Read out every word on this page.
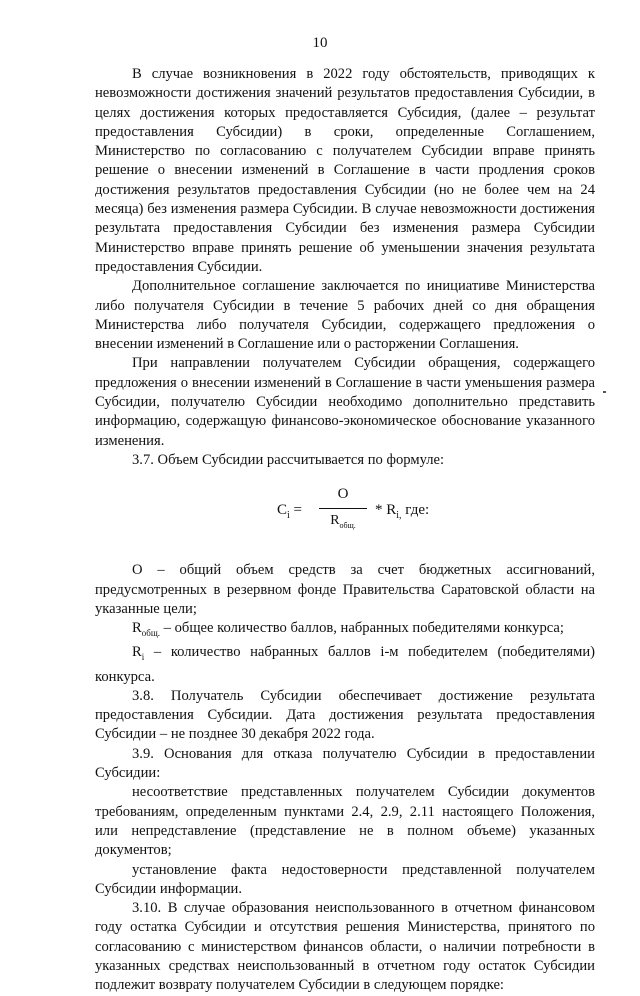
10

В случае возникновения в 2022 году обстоятельств, приводящих к невозможности достижения значений результатов предоставления Субсидии, в целях достижения которых предоставляется Субсидия, (далее – результат предоставления Субсидии) в сроки, определенные Соглашением, Министерство по согласованию с получателем Субсидии вправе принять решение о внесении изменений в Соглашение в части продления сроков достижения результатов предоставления Субсидии (но не более чем на 24 месяца) без изменения размера Субсидии. В случае невозможности достижения результата предоставления Субсидии без изменения размера Субсидии Министерство вправе принять решение об уменьшении значения результата предоставления Субсидии.

Дополнительное соглашение заключается по инициативе Министерства либо получателя Субсидии в течение 5 рабочих дней со дня обращения Министерства либо получателя Субсидии, содержащего предложения о внесении изменений в Соглашение или о расторжении Соглашения.

При направлении получателем Субсидии обращения, содержащего предложения о внесении изменений в Соглашение в части уменьшения размера Субсидии, получателю Субсидии необходимо дополнительно представить информацию, содержащую финансово-экономическое обоснование указанного изменения.

3.7. Объем Субсидии рассчитывается по формуле:

$C_i$ =
O
$R_{общ.}$
* $R_{i,}$ где:

О – общий объем средств за счет бюджетных ассигнований, предусмотренных в резервном фонде Правительства Саратовской области на указанные цели;

$R_{общ.}$ – общее количество баллов, набранных победителями конкурса;

$R_i$ – количество набранных баллов i-м победителем (победителями) конкурса.

3.8. Получатель Субсидии обеспечивает достижение результата предоставления Субсидии. Дата достижения результата предоставления Субсидии – не позднее 30 декабря 2022 года.

3.9. Основания для отказа получателю Субсидии в предоставлении Субсидии:

несоответствие представленных получателем Субсидии документов требованиям, определенным пунктами 2.4, 2.9, 2.11 настоящего Положения, или непредставление (представление не в полном объеме) указанных документов;

установление факта недостоверности представленной получателем Субсидии информации.

3.10. В случае образования неиспользованного в отчетном финансовом году остатка Субсидии и отсутствия решения Министерства, принятого по согласованию с министерством финансов области, о наличии потребности в указанных средствах неиспользованный в отчетном году остаток Субсидии подлежит возврату получателем Субсидии в следующем порядке:
